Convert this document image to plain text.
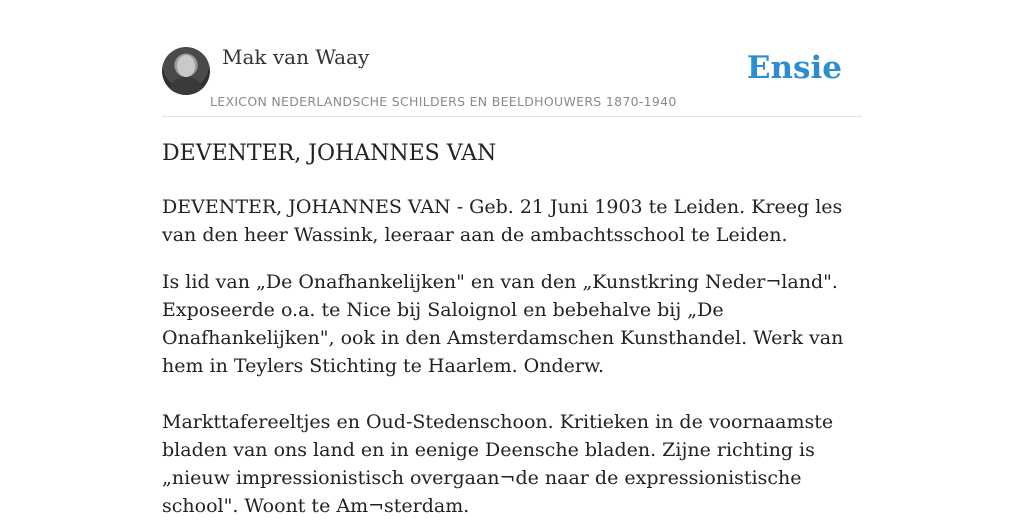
Mak van Waay
LEXICON NEDERLANDSCHE SCHILDERS EN BEELDHOUWERS 1870-1940
Ensie
DEVENTER, JOHANNES VAN

DEVENTER, JOHANNES VAN - Geb. 21 Juni 1903 te Leiden. Kreeg les van den heer Wassink, leeraar aan de ambachtsschool te Leiden.

Is lid van „De Onafhankelijken" en van den „Kunstkring Neder¬land". Exposeerde o.a. te Nice bij Saloignol en bebehalve bij „De Onafhankelijken", ook in den Amsterdamschen Kunsthandel. Werk van hem in Teylers Stichting te Haarlem. Onderw.

Markttafereeltjes en Oud-Stedenschoon. Kritieken in de voornaamste bladen van ons land en in eenige Deensche bladen. Zijne richting is „nieuw impressionistisch overgaan¬de naar de expressionistische school". Woont te Am¬sterdam.
